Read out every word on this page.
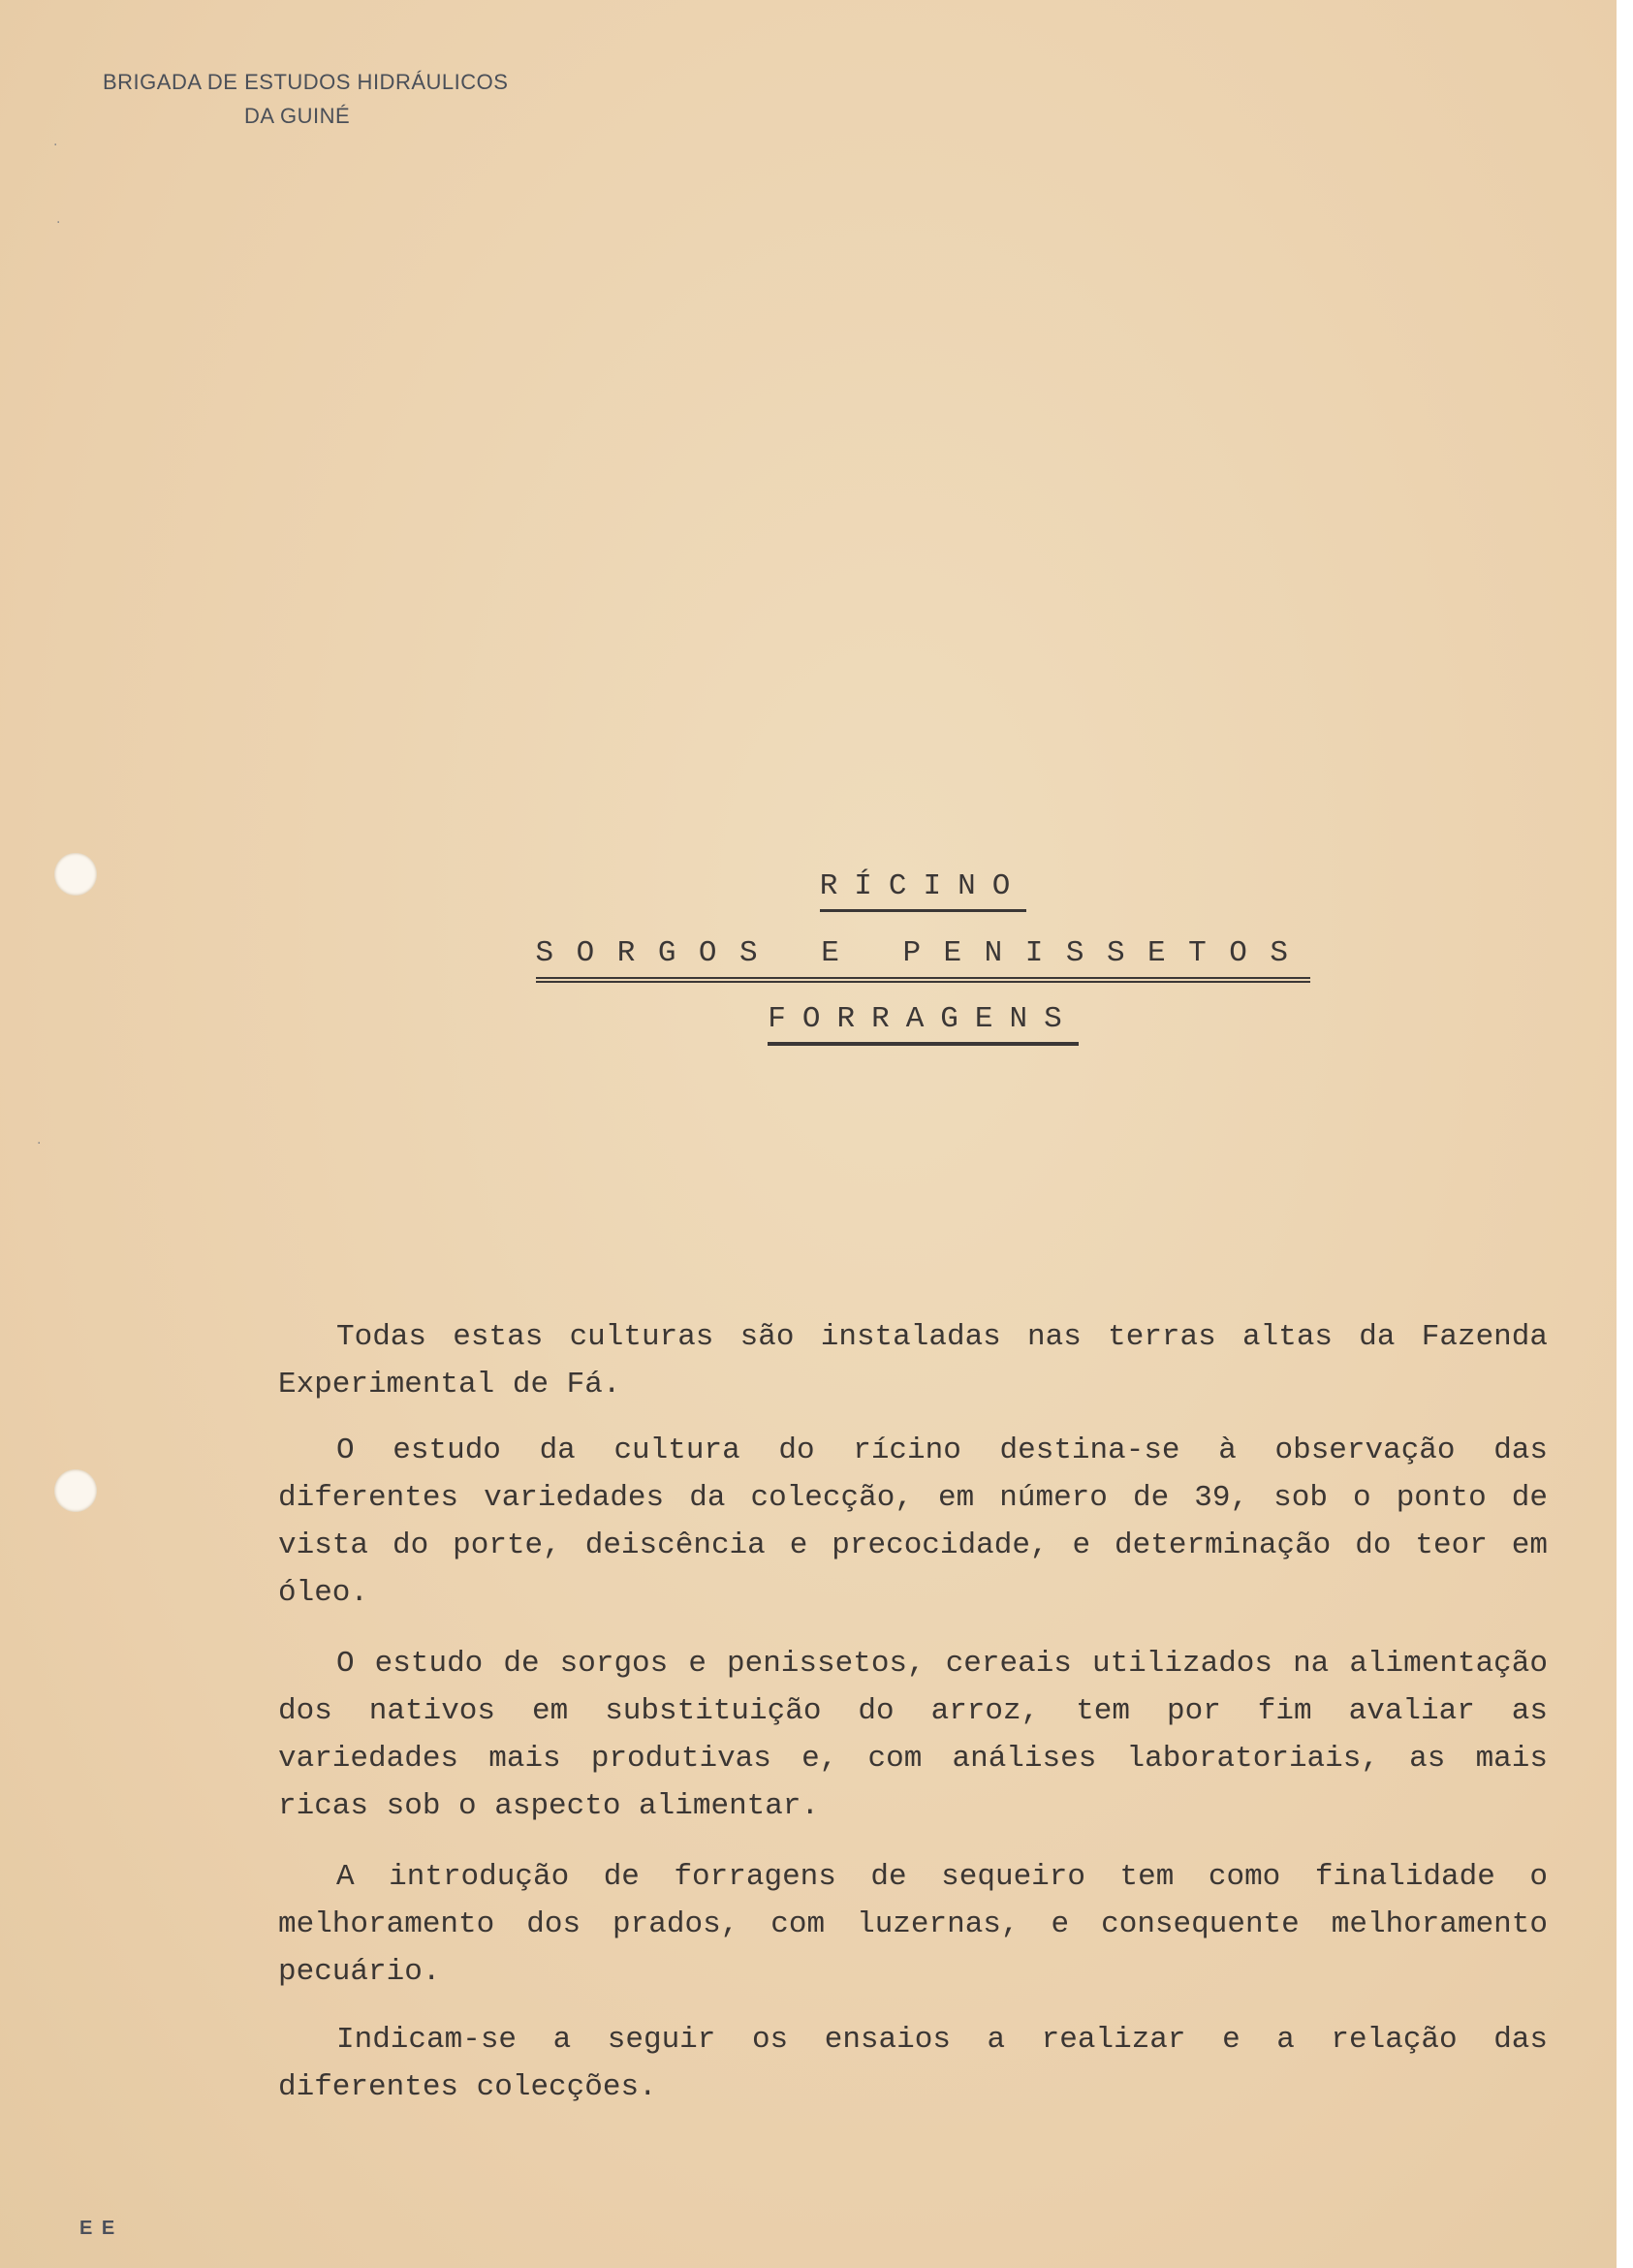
BRIGADA DE ESTUDOS HIDRÁULICOS
DA GUINÉ
·
·
·
RÍCINO
SORGOS E PENISSETOS
FORRAGENS
Todas estas culturas são instaladas nas terras altas da Fazenda Experimental de Fá.
O estudo da cultura do rícino destina-se à observação das diferentes variedades da colecção, em número de 39, sob o ponto de vista do porte, deiscência e precocidade, e determinação do teor em óleo.
O estudo de sorgos e penissetos, cereais utilizados na alimentação dos nativos em substituição do arroz, tem por fim avaliar as variedades mais produtivas e, com análises laboratoriais, as mais ricas sob o aspecto alimentar.
A introdução de forragens de sequeiro tem como finalidade o melhoramento dos prados, com luzernas, e consequente melhoramento pecuário.
Indicam-se a seguir os ensaios a realizar e a relação das diferentes colecções.
E E
